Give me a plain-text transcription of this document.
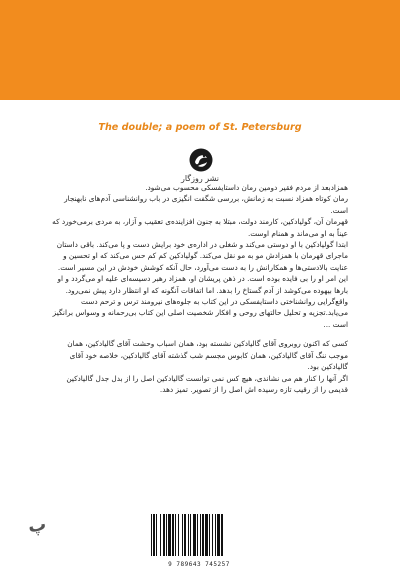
The double; a poem of St. Petersburg
نشر روزگار

همزادبعد از مردم فقیر دومین رمان داستایفسکی محسوب می‌شود.

رمان کوتاه همزاد نسبت به زمانش، بررسی شگفت انگیزی در باب روانشناسی آدم‌های نابهنجار است.

قهرمان آن، گولیادکین، کارمند دولت، مبتلا به جنون افزاینده‌ی تعقیب و آزار، به مردی برمی‌خورد که عیناً به او می‌ماند و همنام اوست.

ابتدا گولیادکین با او دوستی می‌کند و شغلی در اداره‌ی خود برایش دست و پا می‌کند. باقی داستان ماجرای قهرمان با همزادش مو به مو نقل می‌کند. گولیادکین کم کم حس می‌کند که او تحسین و عنایت بالادستی‌ها و همکارانش را به دست می‌آورد، حال آنکه کوشش خودش در این مسیر است. این امر او را بی فایده بوده است. در ذهن پریشان او، همزاد رهبر دسیسه‌ای علیه او می‌گردد و او بارها بیهوده می‌کوشد از آدم گستاخ را بدهد. اما اتفاقات آنگونه که او انتظار دارد پیش نمی‌رود.

واقع‌گرایی روانشناختی داستایفسکی در این کتاب به جلوه‌های نیرومند ترس و ترحم دست می‌یابد.تجزیه و تحلیل حالتهای روحی و افکار شخصیت اصلی این کتاب بی‌رحمانه و وسواس برانگیز است ...

کسی که اکنون روبروی آقای گالیادکین نشسته بود، همان اسباب وحشت آقای گالیادکین، همان موجب ننگ آقای گالیادکین، همان کابوس مجسم شب گذشته آقای گالیادکین، خلاصه خود آقای گالیادکین بود.

اگر آنها را کنار هم می نشاندی، هیچ کس نمی توانست گالیادکین اصل را از بدل جدل گالیادکین قدیمی را از رقیب تازه رسیده اش اصل را از تصویر. تمیز دهد.

ﭖ
9 789643 745257
